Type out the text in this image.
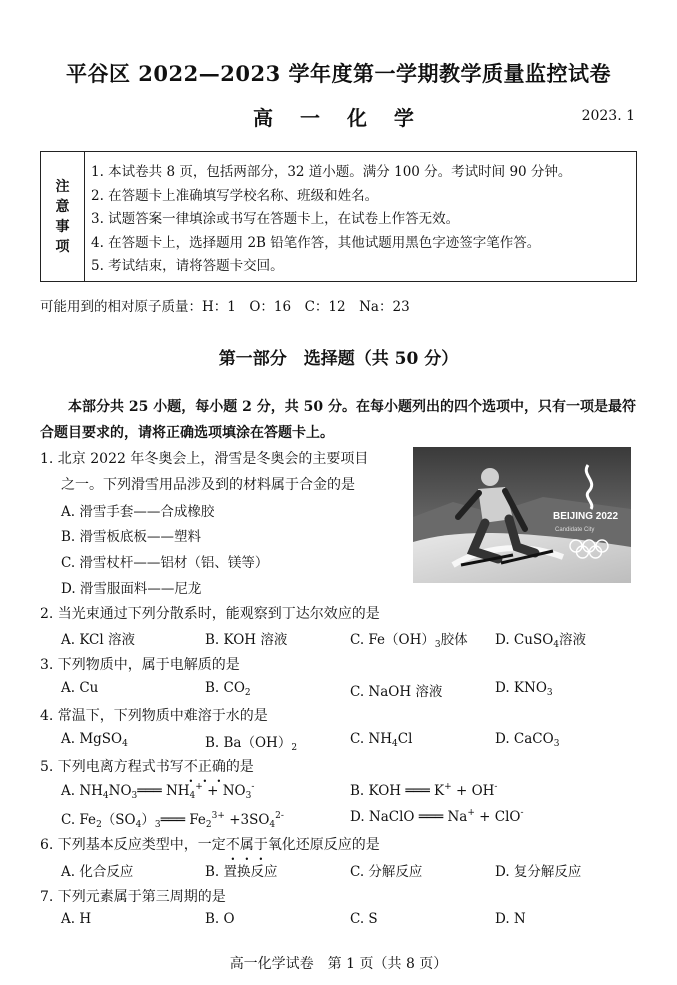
平谷区 2022—2023 学年度第一学期教学质量监控试卷
高 一 化 学	2023. 1
注
意
事
项
1. 本试卷共 8 页，包括两部分，32 道小题。满分 100 分。考试时间 90 分钟。
2. 在答题卡上准确填写学校名称、班级和姓名。
3. 试题答案一律填涂或书写在答题卡上，在试卷上作答无效。
4. 在答题卡上，选择题用 2B 铅笔作答，其他试题用黑色字迹签字笔作答。
5. 考试结束，请将答题卡交回。
可能用到的相对原子质量：H：1　O：16　C：12　Na：23
第一部分　选择题（共 50 分）
本部分共 25 小题，每小题 2 分，共 50 分。在每小题列出的四个选项中，只有一项是最符合题目要求的，请将正确选项填涂在答题卡上。
BEIJING 2022
Candidate City
1. 北京 2022 年冬奥会上，滑雪是冬奥会的主要项目
之一。下列滑雪用品涉及到的材料属于合金的是
A. 滑雪手套——合成橡胶
B. 滑雪板底板——塑料
C. 滑雪杖杆——铝材（铝、镁等）
D. 滑雪服面料——尼龙
2. 当光束通过下列分散系时，能观察到丁达尔效应的是
A. KCl 溶液	B. KOH 溶液	C. $Fe(OH)_3$胶体 D. CuSO$_4$溶液
3. 下列物质中，属于电解质的是
A. Cu	B. $CO_2$	C. NaOH 溶液	D. $KNO_3$
4. 常温下，下列物质中难溶于水的是
A. MgSO$_4$	B. $Ba(OH)_2$
C. $NH_4Cl$	D. CaCO$_3$
5. 下列电离方程式书写不正确的是
A. $NH_4NO_3═══$ $NH_4^+ + NO_3^-$	B. KOH ═══ K+ + OH-
C. $Fe_2(SO_4)_3═══$ $Fe_2^{3+} +3SO_4^{2-}$	D. NaClO ═══ Na+ + ClO-
6. 下列基本反应类型中，一定不属于氧化还原反应的是
A. 化合反应	B. 置换反应	C. 分解反应	D. 复分解反应
7. 下列元素属于第三周期的是
A. H	B. O	C. S	D. N
高一化学试卷　第 1 页（共 8 页）
